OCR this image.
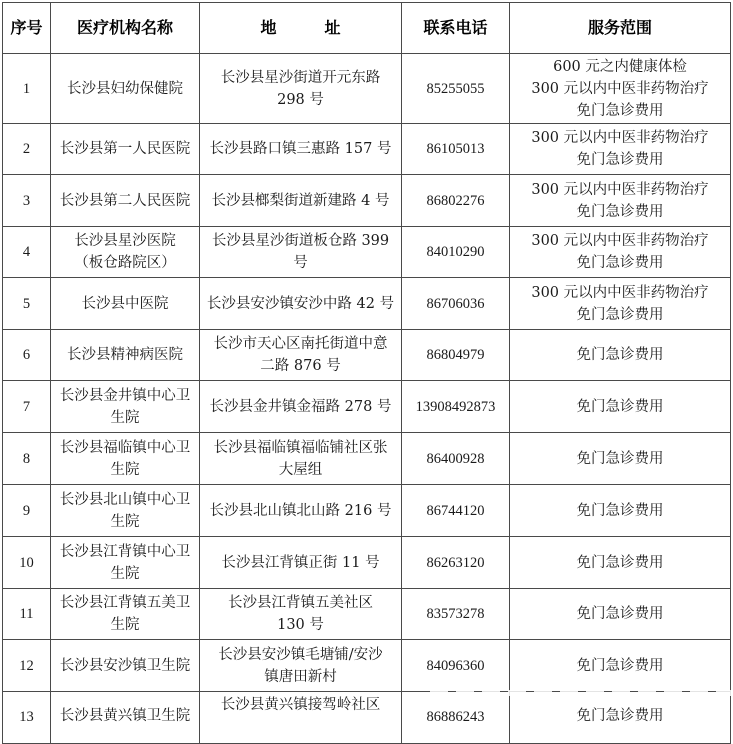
序号	医疗机构名称	地　　　址	联系电话	服务范围
1	长沙县妇幼保健院	长沙县星沙街道开元东路
298 号	85255055	600 元之内健康体检
300 元以内中医非药物治疗
免门急诊费用

2	长沙县第一人民医院	长沙县路口镇三惠路 157 号	86105013	300 元以内中医非药物治疗
免门急诊费用

3	长沙县第二人民医院	长沙县榔梨街道新建路 4 号	86802276	300 元以内中医非药物治疗
免门急诊费用

4	长沙县星沙医院
（板仓路院区）	长沙县星沙街道板仓路 399
号	84010290	300 元以内中医非药物治疗
免门急诊费用

5	长沙县中医院	长沙县安沙镇安沙中路 42 号	86706036	300 元以内中医非药物治疗
免门急诊费用

6	长沙县精神病医院	长沙市天心区南托街道中意
二路 876 号	86804979	免门急诊费用

7	长沙县金井镇中心卫
生院	长沙县金井镇金福路 278 号	13908492873	免门急诊费用

8	长沙县福临镇中心卫
生院	长沙县福临镇福临铺社区张
大屋组	86400928	免门急诊费用

9	长沙县北山镇中心卫
生院	长沙县北山镇北山路 216 号	86744120	免门急诊费用

10	长沙县江背镇中心卫
生院	长沙县江背镇正街 11 号	86263120	免门急诊费用

11	长沙县江背镇五美卫
生院	长沙县江背镇五美社区
130 号	83573278	免门急诊费用

12	长沙县安沙镇卫生院	长沙县安沙镇毛塘铺/安沙
镇唐田新村	84096360	免门急诊费用

13	长沙县黄兴镇卫生院	长沙县黄兴镇接驾岭社区	86886243	免门急诊费用
